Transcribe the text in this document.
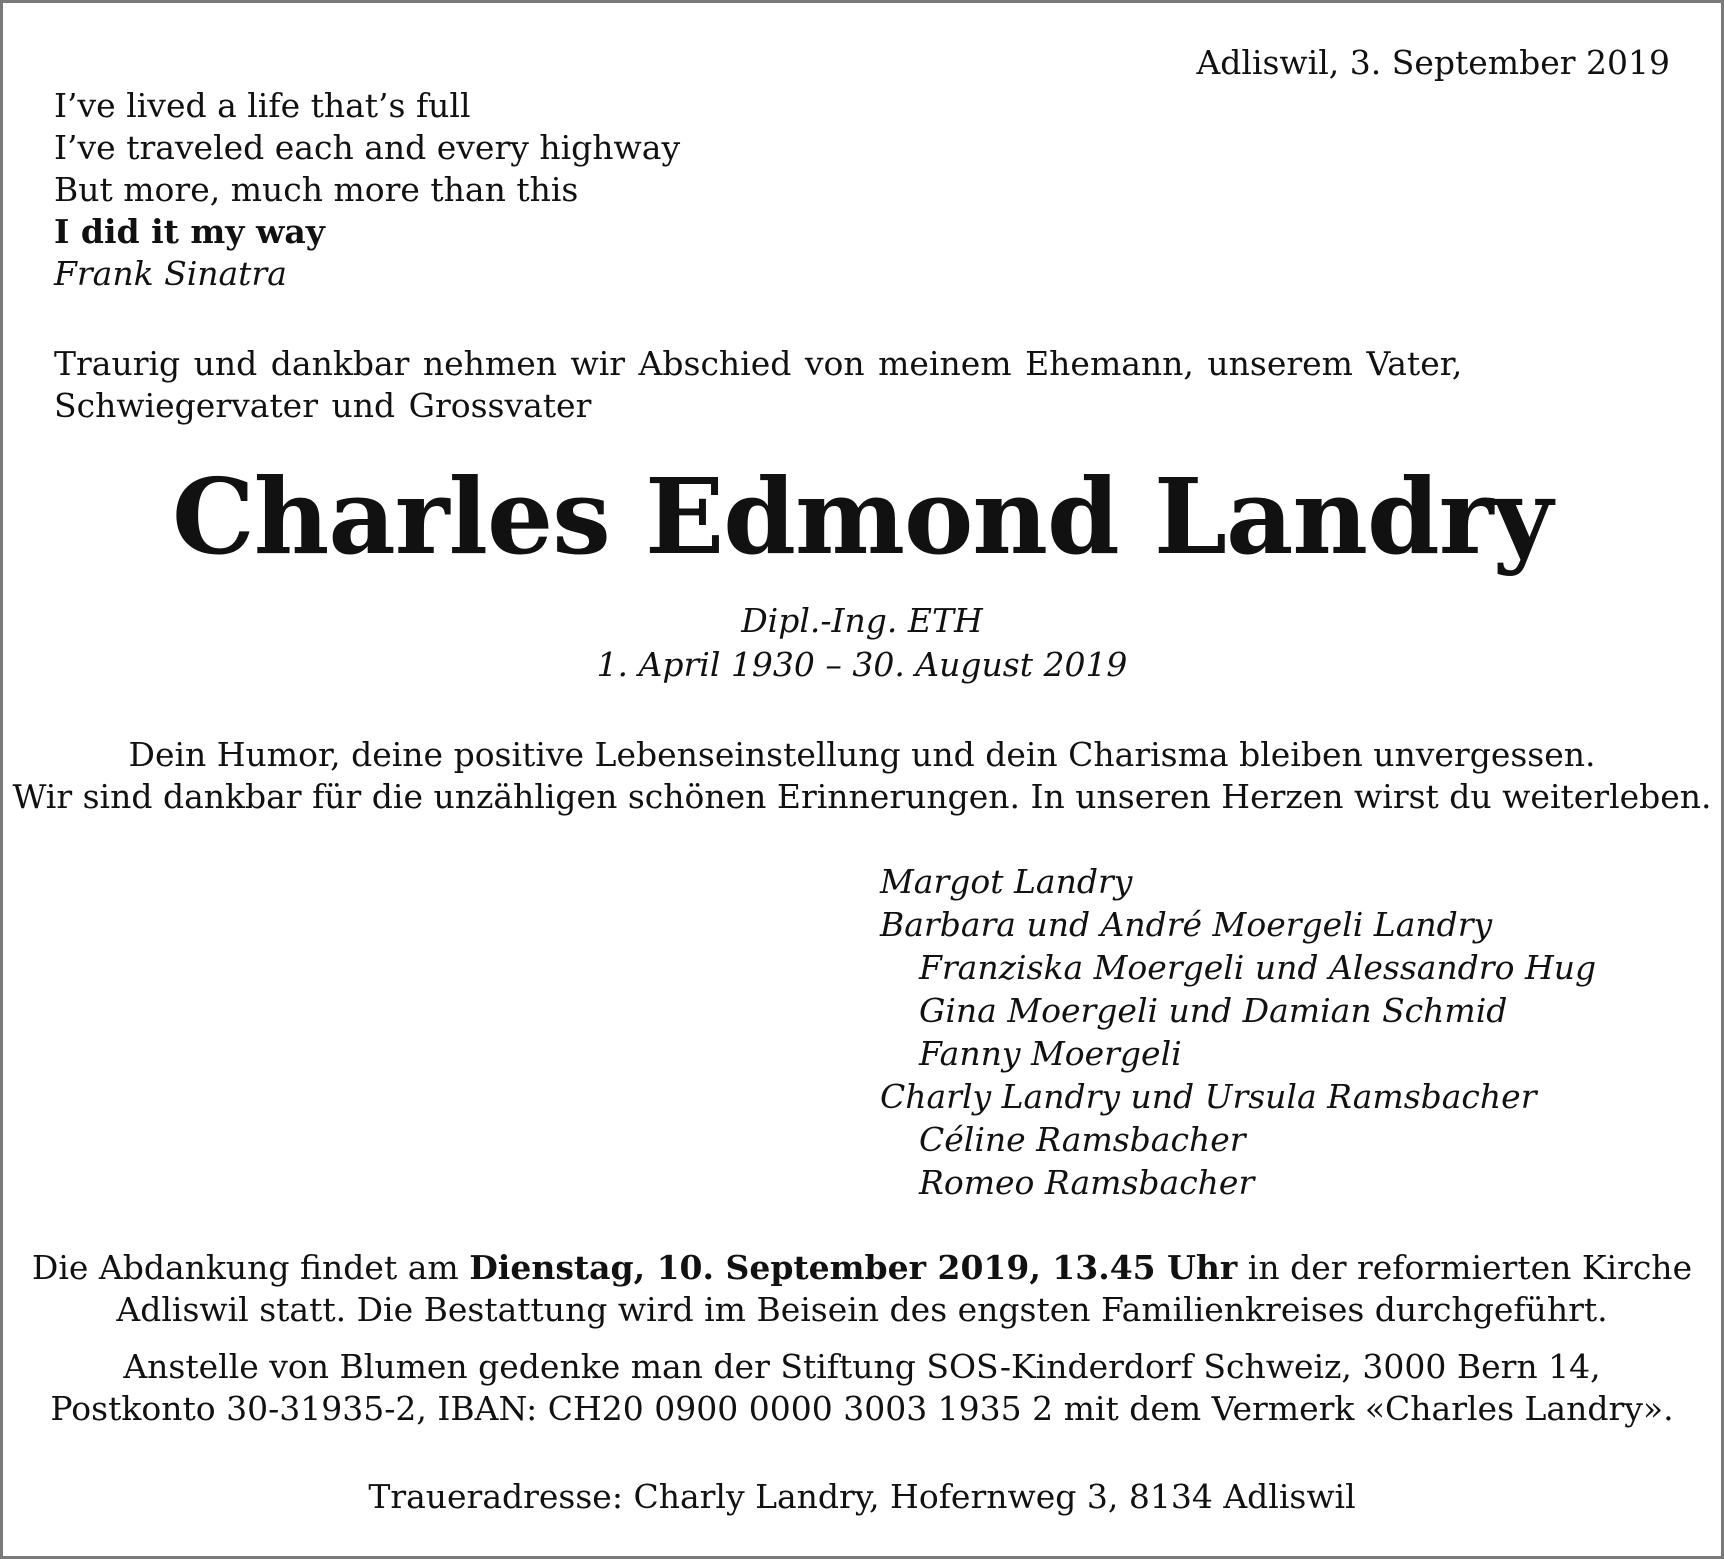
Adliswil, 3. September 2019
I’ve lived a life that’s full
I’ve traveled each and every highway
But more, much more than this
I did it my way
Frank Sinatra
Traurig und dankbar nehmen wir Abschied von meinem Ehemann, unserem Vater, Schwiegervater und Grossvater
Charles Edmond Landry
Dipl.-Ing. ETH
1. April 1930 – 30. August 2019
Dein Humor, deine positive Lebenseinstellung und dein Charisma bleiben unvergessen.
Wir sind dankbar für die unzähligen schönen Erinnerungen. In unseren Herzen wirst du weiterleben.
Margot Landry
Barbara und André Moergeli Landry
Franziska Moergeli und Alessandro Hug
Gina Moergeli und Damian Schmid
Fanny Moergeli
Charly Landry und Ursula Ramsbacher
Céline Ramsbacher
Romeo Ramsbacher
Die Abdankung findet am Dienstag, 10. September 2019, 13.45 Uhr in der reformierten Kirche
Adliswil statt. Die Bestattung wird im Beisein des engsten Familienkreises durchgeführt.
Anstelle von Blumen gedenke man der Stiftung SOS-Kinderdorf Schweiz, 3000 Bern 14,
Postkonto 30-31935-2, IBAN: CH20 0900 0000 3003 1935 2 mit dem Vermerk «Charles Landry».
Traueradresse: Charly Landry, Hofernweg 3, 8134 Adliswil
